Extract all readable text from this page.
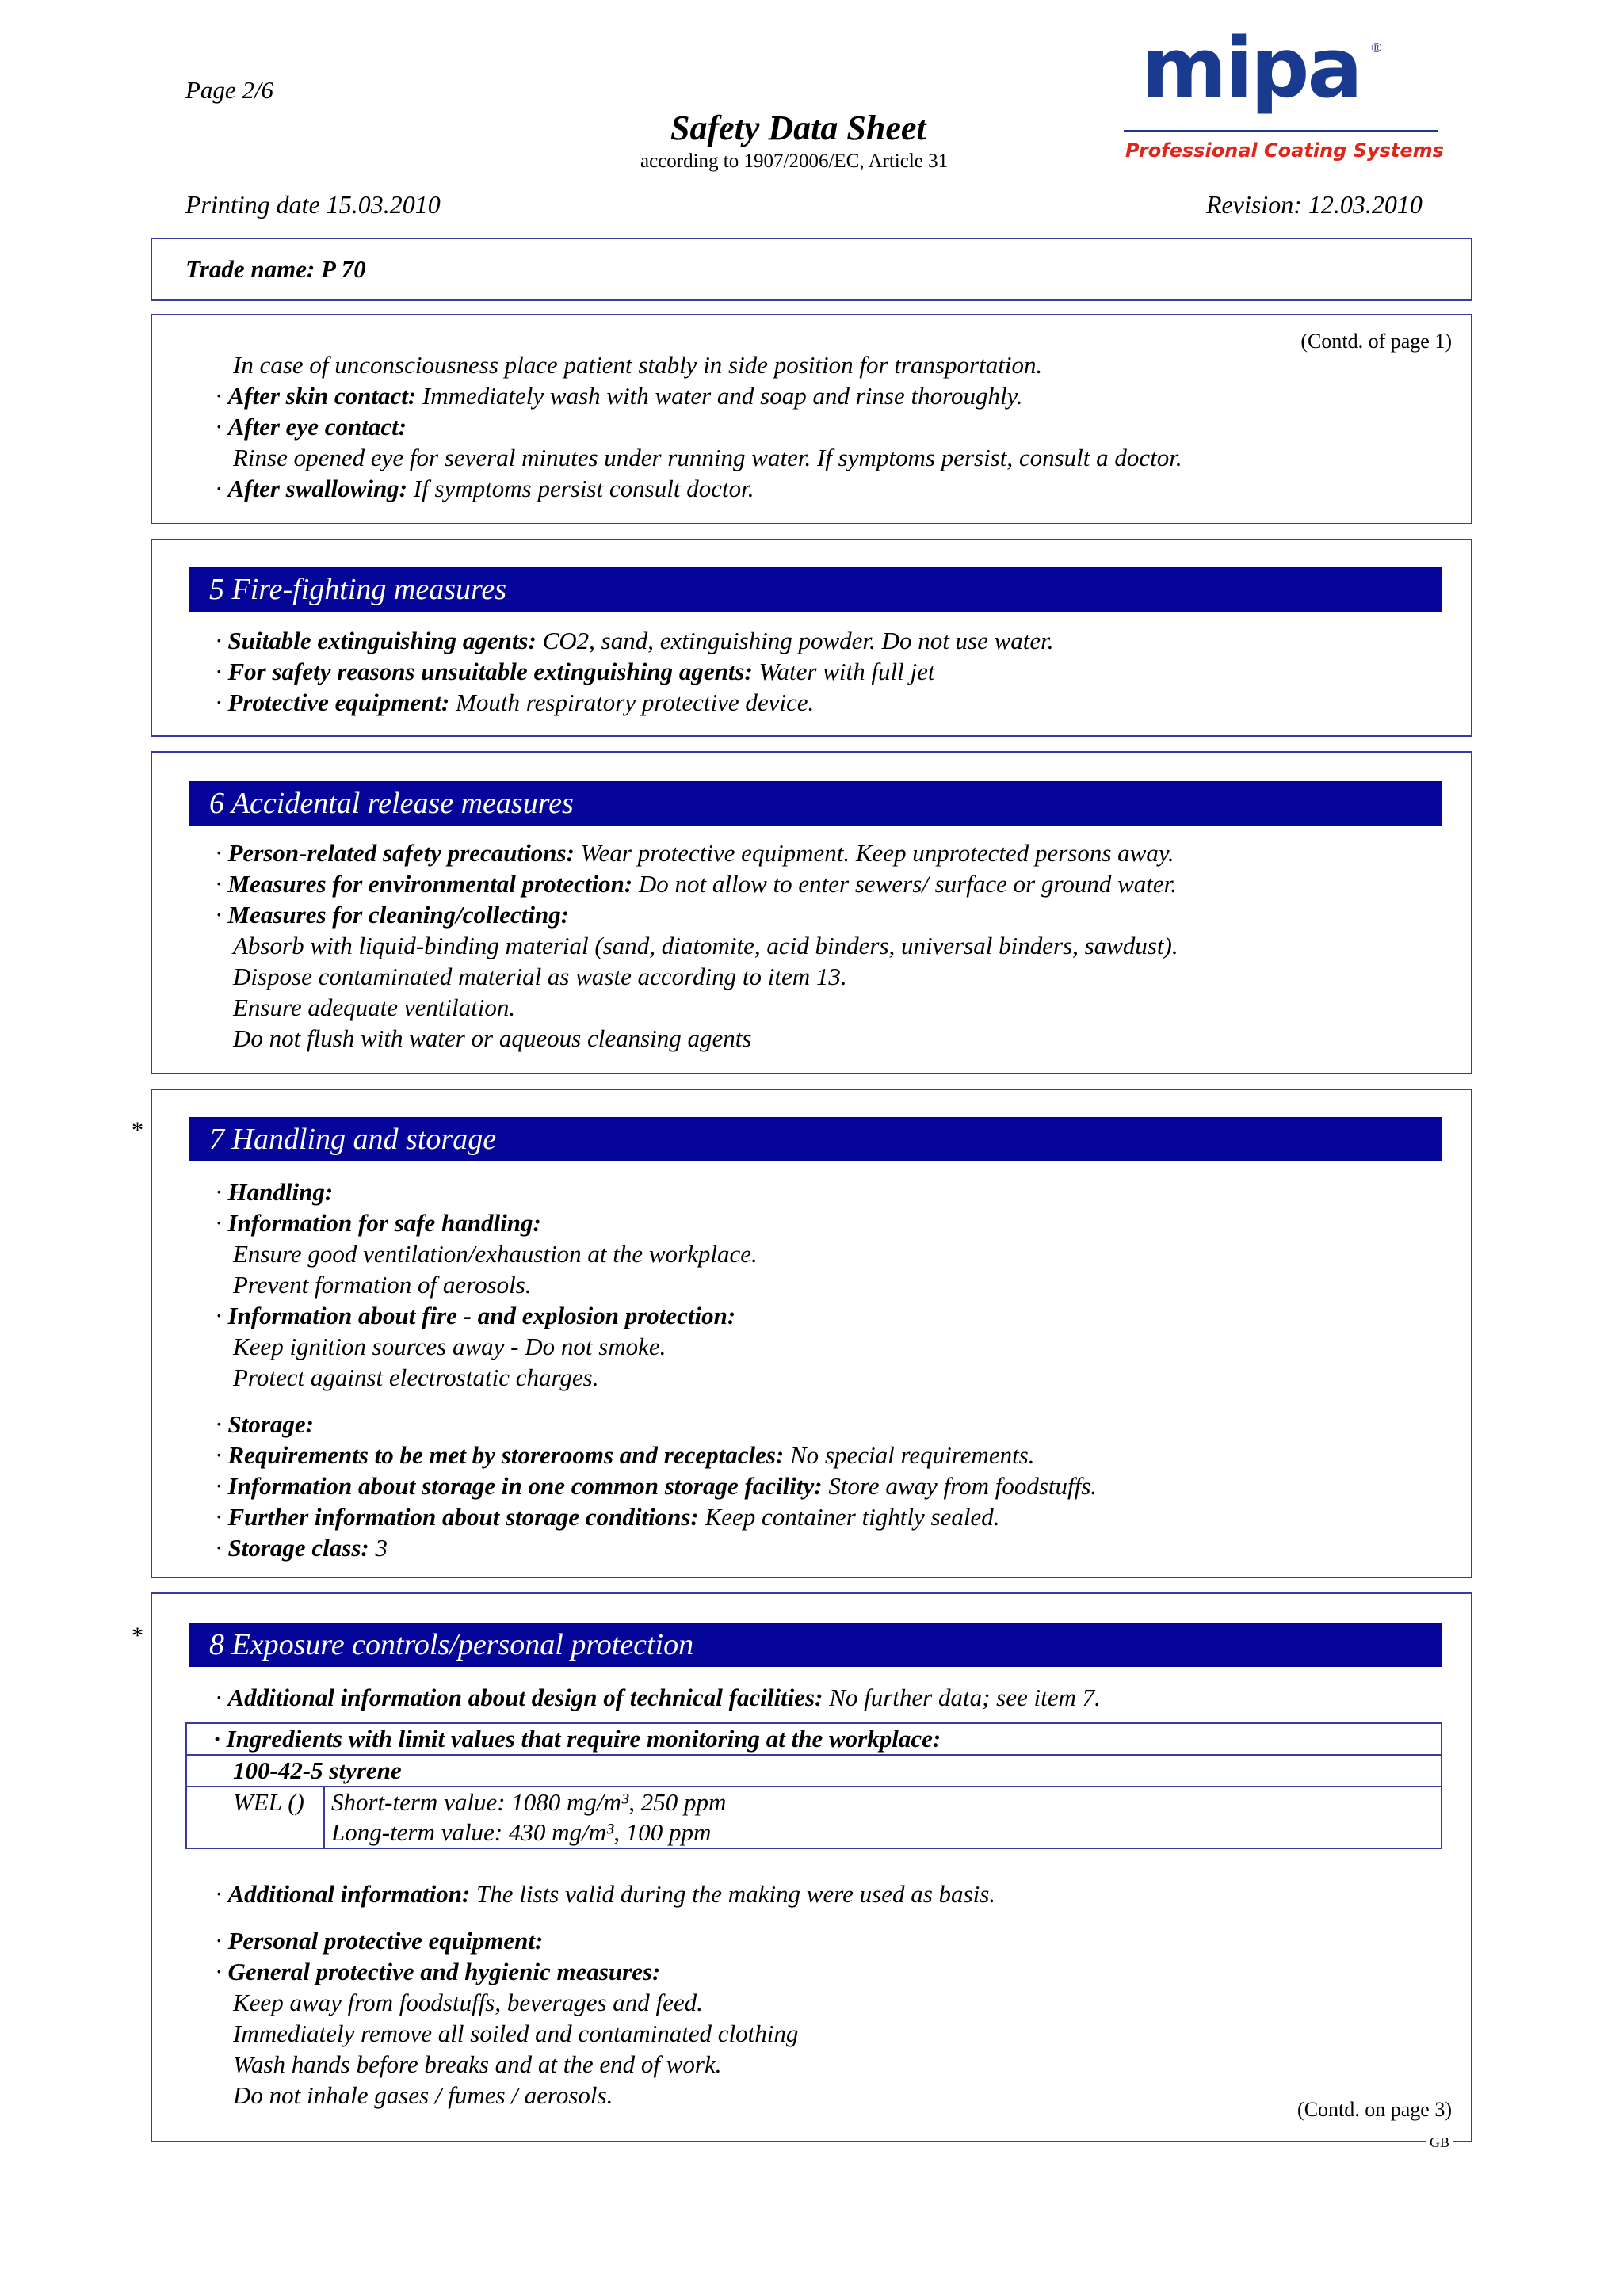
Page 2/6
Safety Data Sheet
according to 1907/2006/EC, Article 31
Printing date 15.03.2010	Revision: 12.03.2010
mipa ®
Professional Coating Systems
Trade name: P 70
(Contd. of page 1)
In case of unconsciousness place patient stably in side position for transportation.
· After skin contact: Immediately wash with water and soap and rinse thoroughly.
· After eye contact:
Rinse opened eye for several minutes under running water. If symptoms persist, consult a doctor.
· After swallowing: If symptoms persist consult doctor.
5 Fire-fighting measures
· Suitable extinguishing agents: CO2, sand, extinguishing powder. Do not use water.
· For safety reasons unsuitable extinguishing agents: Water with full jet
· Protective equipment: Mouth respiratory protective device.
6 Accidental release measures
· Person-related safety precautions: Wear protective equipment. Keep unprotected persons away.
· Measures for environmental protection: Do not allow to enter sewers/ surface or ground water.
· Measures for cleaning/collecting:
Absorb with liquid-binding material (sand, diatomite, acid binders, universal binders, sawdust).
Dispose contaminated material as waste according to item 13.
Ensure adequate ventilation.
Do not flush with water or aqueous cleansing agents
*	7 Handling and storage
· Handling:
· Information for safe handling:
Ensure good ventilation/exhaustion at the workplace.
Prevent formation of aerosols.
· Information about fire - and explosion protection:
Keep ignition sources away - Do not smoke.
Protect against electrostatic charges.
· Storage:
· Requirements to be met by storerooms and receptacles: No special requirements.
· Information about storage in one common storage facility: Store away from foodstuffs.
· Further information about storage conditions: Keep container tightly sealed.
· Storage class: 3
*	8 Exposure controls/personal protection
· Additional information about design of technical facilities: No further data; see item 7.
· Ingredients with limit values that require monitoring at the workplace:
100-42-5 styrene
WEL ()	Short-term value: 1080 mg/m³, 250 ppm
Long-term value: 430 mg/m³, 100 ppm
· Additional information: The lists valid during the making were used as basis.
· Personal protective equipment:
· General protective and hygienic measures:
Keep away from foodstuffs, beverages and feed.
Immediately remove all soiled and contaminated clothing
Wash hands before breaks and at the end of work.
Do not inhale gases / fumes / aerosols.
(Contd. on page 3)
GB
